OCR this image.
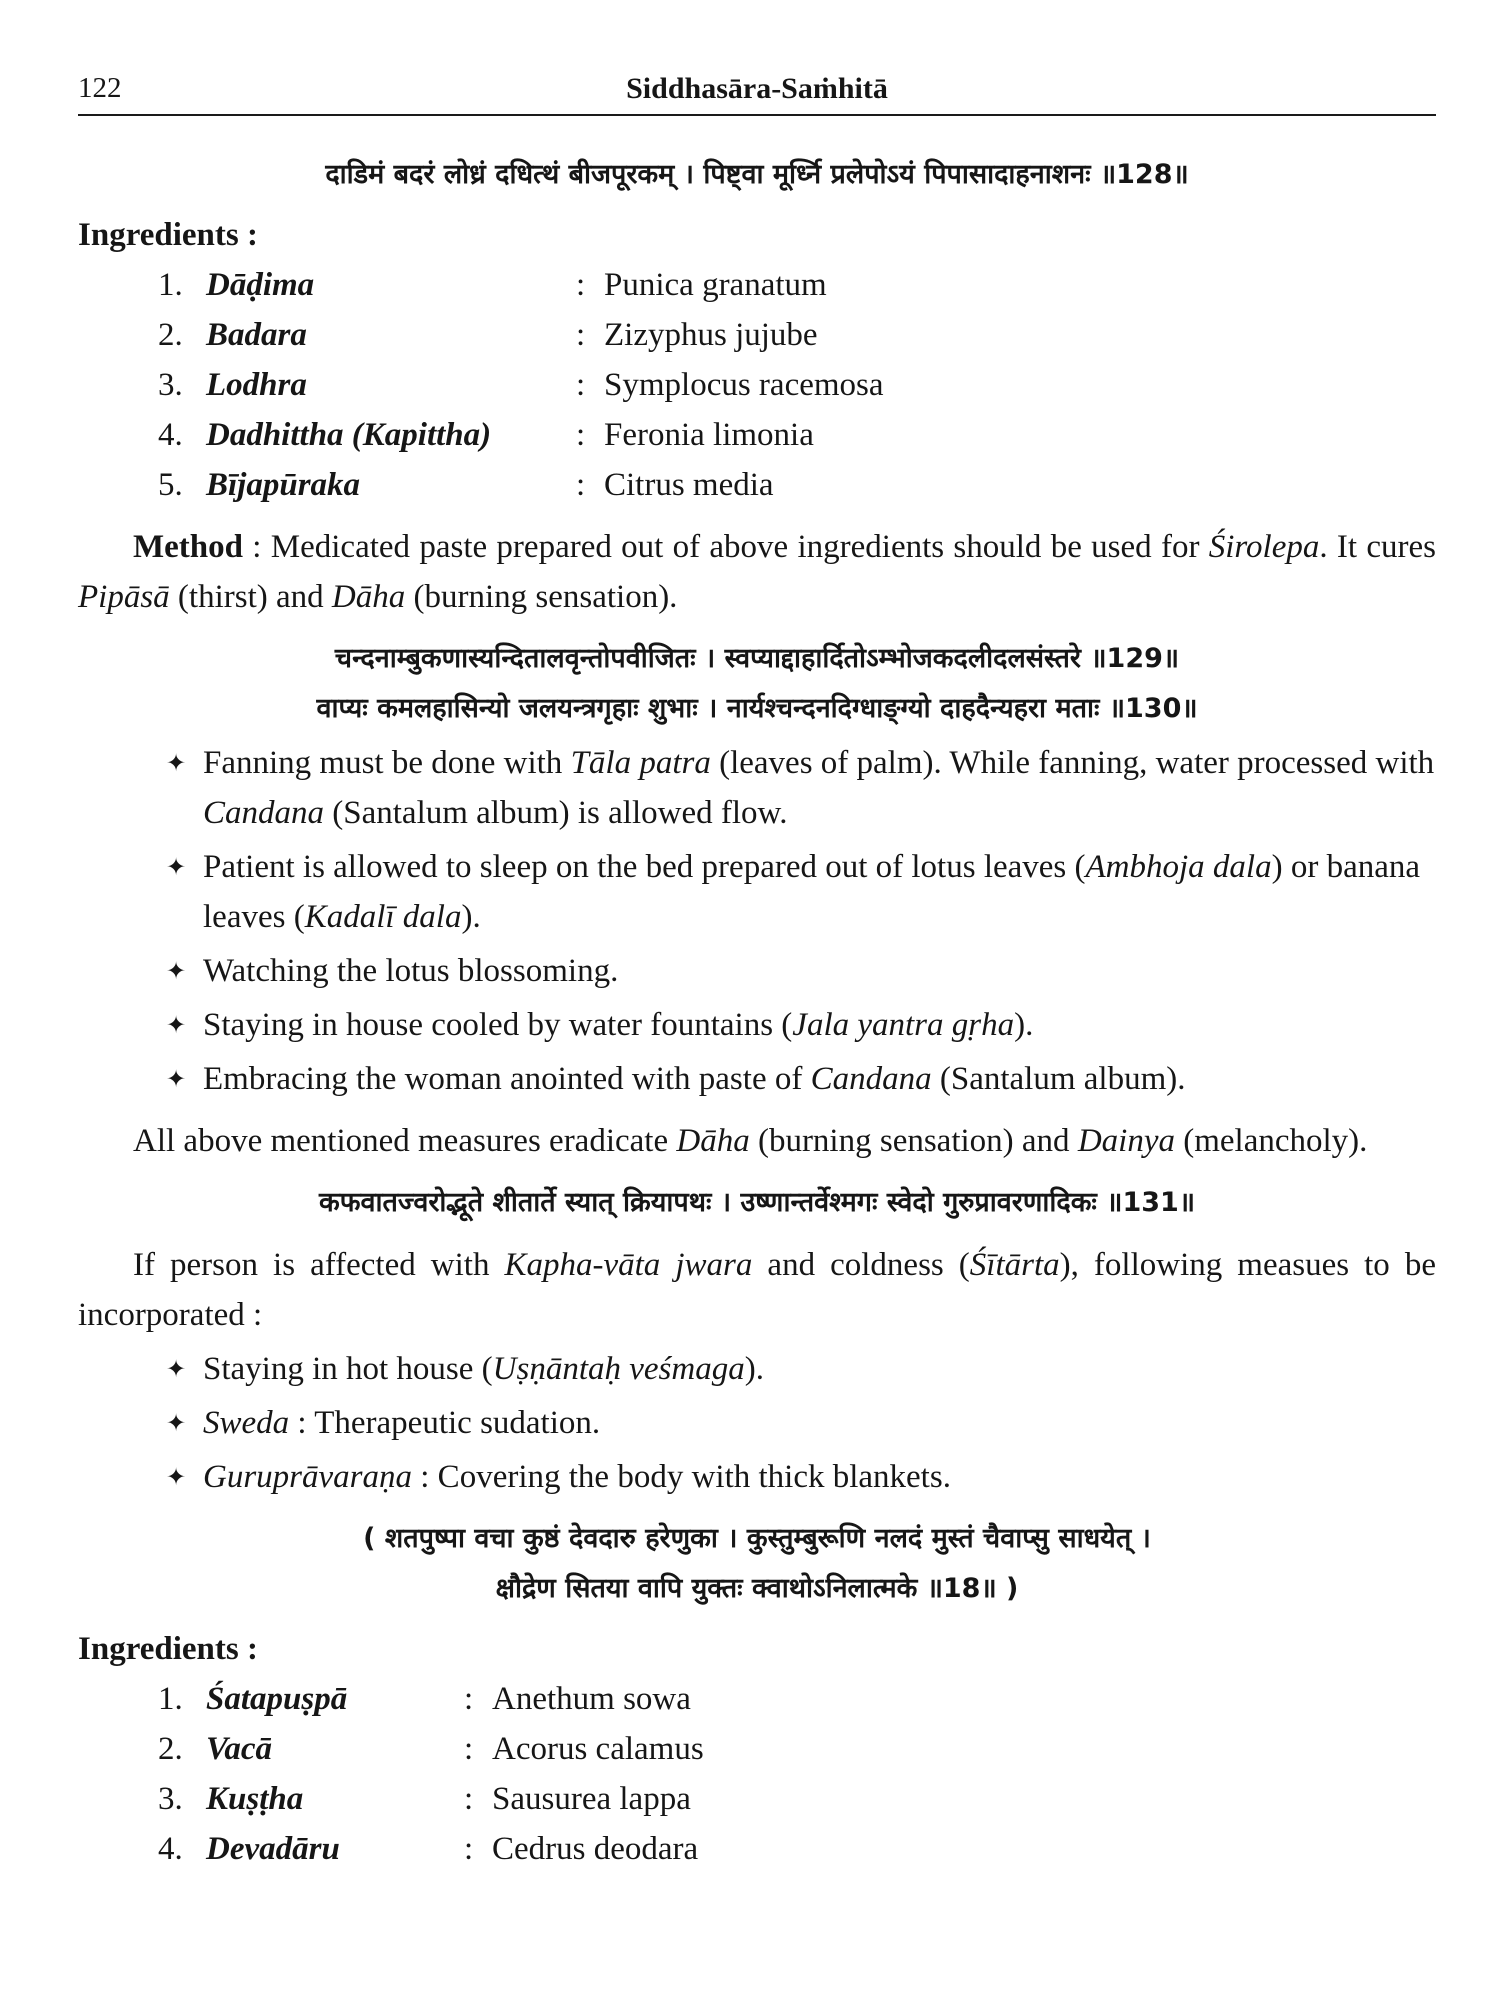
122	Siddhasāra-Saṁhitā

दाडिमं बदरं लोध्रं दधित्थं बीजपूरकम् । पिष्ट्वा मूर्ध्नि प्रलेपोऽयं पिपासादाहनाशनः ॥128॥

Ingredients :

1. Dāḍima	: Punica granatum
2. Badara	: Zizyphus jujube
3. Lodhra	: Symplocus racemosa
4. Dadhittha (Kapittha)	: Feronia limonia
5. Bījapūraka	: Citrus media

Method : Medicated paste prepared out of above ingredients should be used for Śirolepa. It cures Pipāsā (thirst) and Dāha (burning sensation).

चन्दनाम्बुकणास्यन्दितालवृन्तोपवीजितः । स्वप्याद्दाहार्दितोऽम्भोजकदलीदलसंस्तरे ॥129॥

वाप्यः कमलहासिन्यो जलयन्त्रगृहाः शुभाः । नार्यश्चन्दनदिग्धाङ्ग्यो दाहदैन्यहरा मताः ॥130॥

✦ Fanning must be done with Tāla patra (leaves of palm). While fanning, water processed with Candana (Santalum album) is allowed flow.

✦ Patient is allowed to sleep on the bed prepared out of lotus leaves (Ambhoja dala) or banana leaves (Kadalī dala).

✦ Watching the lotus blossoming.

✦ Staying in house cooled by water fountains (Jala yantra gṛha).

✦ Embracing the woman anointed with paste of Candana (Santalum album).

All above mentioned measures eradicate Dāha (burning sensation) and Dainya (melancholy).

कफवातज्वरोद्भूते शीतार्ते स्यात् क्रियापथः । उष्णान्तर्वेश्मगः स्वेदो गुरुप्रावरणादिकः ॥131॥

If person is affected with Kapha-vāta jwara and coldness (Śītārta), following measues to be incorporated :

✦ Staying in hot house (Uṣṇāntaḥ veśmaga).

✦ Sweda : Therapeutic sudation.

✦ Guruprāvaraṇa : Covering the body with thick blankets.

( शतपुष्पा वचा कुष्ठं देवदारु हरेणुका । कुस्तुम्बुरूणि नलदं मुस्तं चैवाप्सु साधयेत् ।

क्षौद्रेण सितया वापि युक्तः क्वाथोऽनिलात्मके ॥18॥ )

Ingredients :

1. Śatapuṣpā	: Anethum sowa
2. Vacā	: Acorus calamus
3. Kuṣṭha	: Sausurea lappa
4. Devadāru	: Cedrus deodara
